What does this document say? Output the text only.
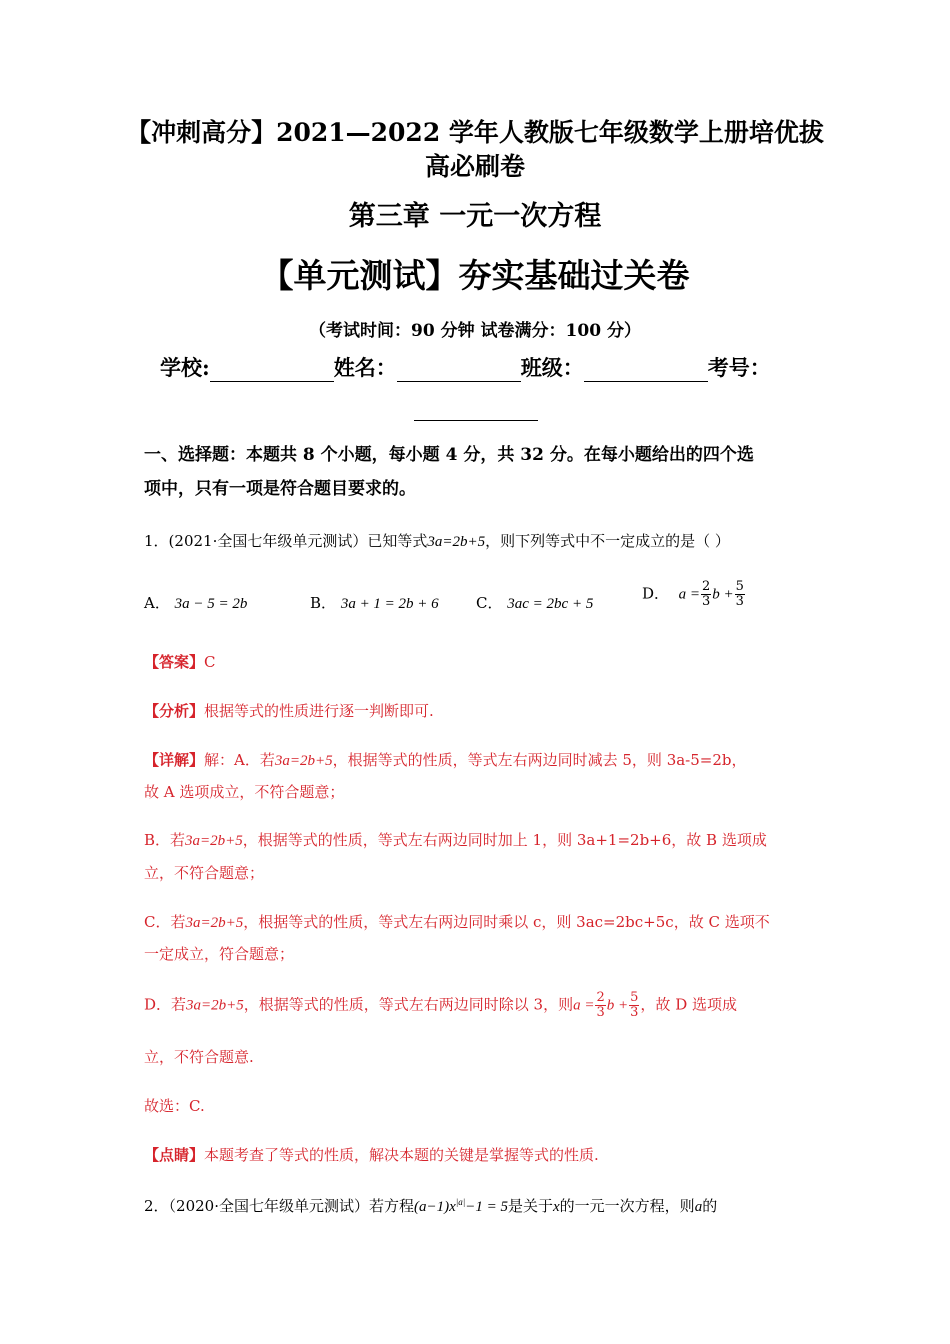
【冲刺高分】2021—2022 学年人教版七年级数学上册培优拔
高必刷卷
第三章 一元一次方程
【单元测试】夯实基础过关卷
（考试时间：90 分钟 试卷满分：100 分）
学校:	姓名：	班级：	考号：
一、选择题：本题共 8 个小题，每小题 4 分，共 32 分。在每小题给出的四个选
项中，只有一项是符合题目要求的。
1．(2021·全国七年级单元测试）已知等式3a=2b+5，则下列等式中不一定成立的是（ ）
A． 3a − 5 = 2b	B． 3a + 1 = 2b + 6 C． 3ac = 2bc + 5
D． $a = \frac{2}{3}$ $b + \frac{5}{3}$
【答案】C
【分析】根据等式的性质进行逐一判断即可.
【详解】解：A．若3a=2b+5，根据等式的性质，等式左右两边同时减去 5，则 3a-5=2b，
故 A 选项成立，不符合题意；
B．若3a=2b+5，根据等式的性质，等式左右两边同时加上 1，则 3a+1=2b+6，故 B 选项成
立，不符合题意；
C．若3a=2b+5，根据等式的性质，等式左右两边同时乘以 c，则 3ac=2bc+5c，故 C 选项不
一定成立，符合题意；
D．若3a=2b+5，根据等式的性质，等式左右两边同时除以 3，则$a = \frac{2}{3}$ $b + \frac{5}{3}$ ，故 D 选项成
立，不符合题意.
故选：C.
【点睛】本题考查了等式的性质，解决本题的关键是掌握等式的性质.
2．（2020·全国七年级单元测试）若方程$(a-1)x^{|a|}-1 = 5$是关于x的一元一次方程，则a的
